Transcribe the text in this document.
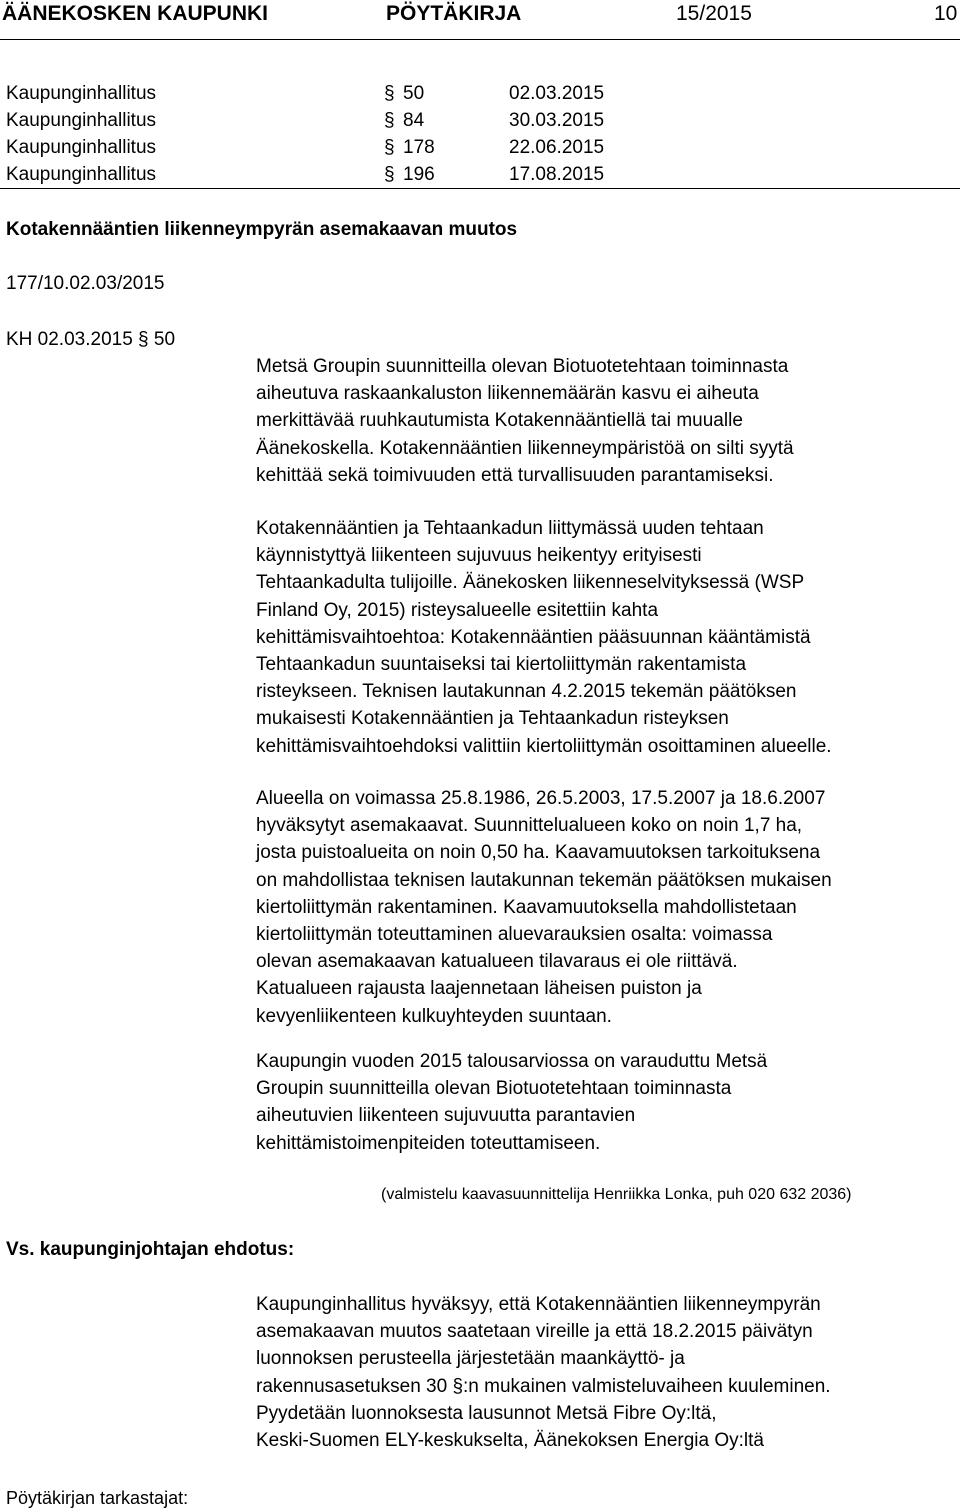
ÄÄNEKOSKEN KAUPUNKI	PÖYTÄKIRJA	15/2015	10
Kaupunginhallitus	§ 50	02.03.2015
Kaupunginhallitus	§ 84	30.03.2015
Kaupunginhallitus	§ 178	22.06.2015
Kaupunginhallitus	§ 196	17.08.2015
Kotakennääntien liikenneympyrän asemakaavan muutos
177/10.02.03/2015
KH 02.03.2015 § 50
Metsä Groupin suunnitteilla olevan Biotuotetehtaan toiminnasta
aiheutuva raskaankaluston liikennemäärän kasvu ei aiheuta
merkittävää ruuhkautumista Kotakennääntiellä tai muualle
Äänekoskella. Kotakennääntien liikenneympäristöä on silti syytä
kehittää sekä toimivuuden että turvallisuuden parantamiseksi.
Kotakennääntien ja Tehtaankadun liittymässä uuden tehtaan
käynnistyttyä liikenteen sujuvuus heikentyy erityisesti
Tehtaankadulta tulijoille. Äänekosken liikenneselvityksessä (WSP
Finland Oy, 2015) risteysalueelle esitettiin kahta
kehittämisvaihtoehtoa: Kotakennääntien pääsuunnan kääntämistä
Tehtaankadun suuntaiseksi tai kiertoliittymän rakentamista
risteykseen. Teknisen lautakunnan 4.2.2015 tekemän päätöksen
mukaisesti Kotakennääntien ja Tehtaankadun risteyksen
kehittämisvaihtoehdoksi valittiin kiertoliittymän osoittaminen alueelle.
Alueella on voimassa 25.8.1986, 26.5.2003, 17.5.2007 ja 18.6.2007
hyväksytyt asemakaavat. Suunnittelualueen koko on noin 1,7 ha,
josta puistoalueita on noin 0,50 ha. Kaavamuutoksen tarkoituksena
on mahdollistaa teknisen lautakunnan tekemän päätöksen mukaisen
kiertoliittymän rakentaminen. Kaavamuutoksella mahdollistetaan
kiertoliittymän toteuttaminen aluevarauksien osalta: voimassa
olevan asemakaavan katualueen tilavaraus ei ole riittävä.
Katualueen rajausta laajennetaan läheisen puiston ja
kevyenliikenteen kulkuyhteyden suuntaan.
Kaupungin vuoden 2015 talousarviossa on varauduttu Metsä
Groupin suunnitteilla olevan Biotuotetehtaan toiminnasta
aiheutuvien liikenteen sujuvuutta parantavien
kehittämistoimenpiteiden toteuttamiseen.
(valmistelu kaavasuunnittelija Henriikka Lonka, puh 020 632 2036)
Vs. kaupunginjohtajan ehdotus:
Kaupunginhallitus hyväksyy, että Kotakennääntien liikenneympyrän
asemakaavan muutos saatetaan vireille ja että 18.2.2015 päivätyn
luonnoksen perusteella järjestetään maankäyttö- ja
rakennusasetuksen 30 §:n mukainen valmisteluvaiheen kuuleminen.
Pyydetään luonnoksesta lausunnot Metsä Fibre Oy:ltä,
Keski-Suomen ELY-keskukselta, Äänekoksen Energia Oy:ltä
Pöytäkirjan tarkastajat:
